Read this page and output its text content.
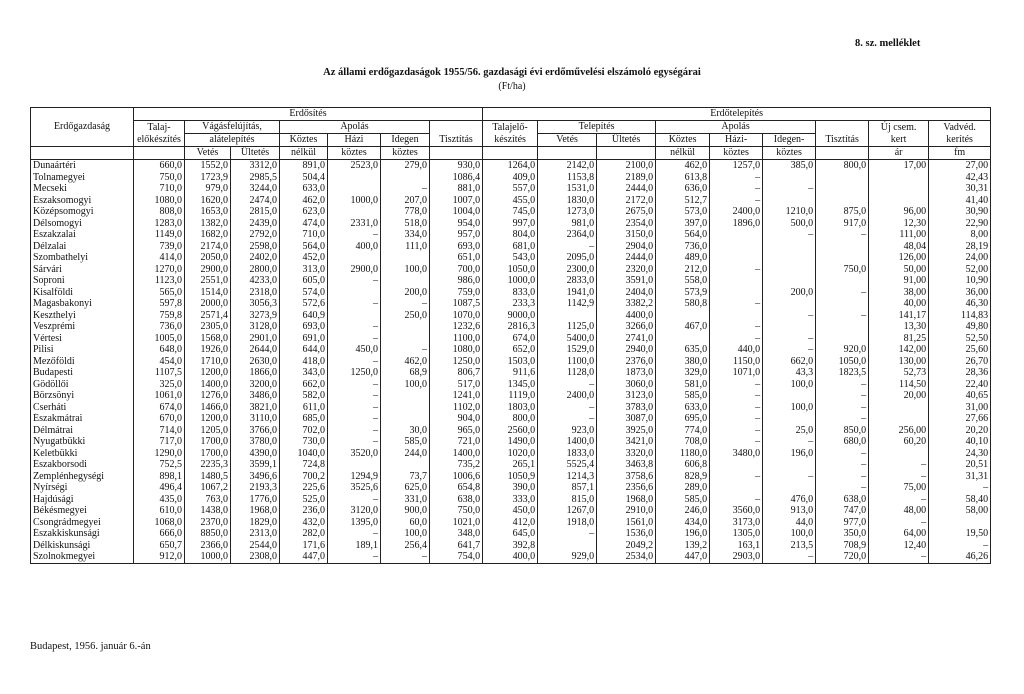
8. sz. melléklet
Az állami erdőgazdaságok 1955/56. gazdasági évi erdőművelési elszámoló egységárai
(Ft/ha)
Erdőgazdaság	Erdősítés							Erdőtelepítés								
	Talaj-	Vágásfelújítás,		Ápolás				Talajelő-	Telepítés		Ápolás				Új csem.	Vadvéd.
	előkészítés	alátelepítés		Köztes	Házi	Idegen	Tisztítás	készítés	Vetés	Ültetés	Köztes	Házi-	Idegen-	Tisztítás	kert	kerítés
		Vetés	Ültetés	nélkül	köztes	köztes					nélkül	köztes	köztes		ár	fm
Dunaártéri	660,0	1552,0	3312,0	891,0	2523,0	279,0	930,0	1264,0	2142,0	2100,0	462,0	1257,0	385,0	800,0	17,00	27,00
Tolnamegyei	750,0	1723,9	2985,5	504,4			1086,4	409,0	1153,8	2189,0	613,8	–				42,43
Mecseki	710,0	979,0	3244,0	633,0		–	881,0	557,0	1531,0	2444,0	636,0	–	–			30,31
Északsomogyi	1080,0	1620,0	2474,0	462,0	1000,0	207,0	1007,0	455,0	1830,0	2172,0	512,7	–				41,40
Középsomogyi	808,0	1653,0	2815,0	623,0		778,0	1004,0	745,0	1273,0	2675,0	573,0	2400,0	1210,0	875,0	96,00	30,90
Délsomogyi	1283,0	1382,0	2439,0	474,0	2331,0	518,0	954,0	997,0	981,0	2354,0	397,0	1896,0	500,0	917,0	12,30	22,90
Északzalai	1149,0	1682,0	2792,0	710,0	–	334,0	957,0	804,0	2364,0	3150,0	564,0		–	–	111,00	8,00
Délzalai	739,0	2174,0	2598,0	564,0	400,0	111,0	693,0	681,0	–	2904,0	736,0				48,04	28,19
Szombathelyi	414,0	2050,0	2402,0	452,0			651,0	543,0	2095,0	2444,0	489,0				126,00	24,00
Sárvári	1270,0	2900,0	2800,0	313,0	2900,0	100,0	700,0	1050,0	2300,0	2320,0	212,0	–		750,0	50,00	52,00
Soproni	1123,0	2551,0	4233,0	605,0	–		986,0	1000,0	2833,0	3591,0	558,0				91,00	10,90
Kisalföldi	565,0	1514,0	2318,0	574,0		200,0	759,0	833,0	1941,0	2404,0	573,9		200,0	–	38,00	36,00
Magasbakonyi	597,8	2000,0	3056,3	572,6	–	–	1087,5	233,3	1142,9	3382,2	580,8	–			40,00	46,30
Keszthelyi	759,8	2571,4	3273,9	640,9		250,0	1070,0	9000,0		4400,0			–	–	141,17	114,83
Veszprémi	736,0	2305,0	3128,0	693,0	–		1232,6	2816,3	1125,0	3266,0	467,0	–			13,30	49,80
Vértesi	1005,0	1568,0	2901,0	691,0	–		1100,0	674,0	5400,0	2741,0		–	–		81,25	52,50
Pilisi	648,0	1926,0	2644,0	644,0	450,0	–	1080,0	652,0	1529,0	2940,0	635,0	440,0	–	920,0	142,00	25,60
Mezőföldi	454,0	1710,0	2630,0	418,0	–	462,0	1250,0	1503,0	1100,0	2376,0	380,0	1150,0	662,0	1050,0	130,00	26,70
Budapesti	1107,5	1200,0	1866,0	343,0	1250,0	68,9	806,7	911,6	1128,0	1873,0	329,0	1071,0	43,3	1823,5	52,73	28,36
Gödöllői	325,0	1400,0	3200,0	662,0	–	100,0	517,0	1345,0	–	3060,0	581,0	–	100,0	–	114,50	22,40
Börzsönyi	1061,0	1276,0	3486,0	582,0	–		1241,0	1119,0	2400,0	3123,0	585,0	–		–	20,00	40,65
Cserháti	674,0	1466,0	3821,0	611,0	–		1102,0	1803,0	–	3783,0	633,0	–	100,0	–		31,00
Északmátrai	670,0	1200,0	3110,0	685,0	–		904,0	800,0	–	3087,0	695,0	–		–		27,66
Délmátrai	714,0	1205,0	3766,0	702,0	–	30,0	965,0	2560,0	923,0	3925,0	774,0	–	25,0	850,0	256,00	20,20
Nyugatbükki	717,0	1700,0	3780,0	730,0	–	585,0	721,0	1490,0	1400,0	3421,0	708,0	–	–	680,0	60,20	40,10
Keletbükki	1290,0	1700,0	4390,0	1040,0	3520,0	244,0	1400,0	1020,0	1833,0	3320,0	1180,0	3480,0	196,0	–		24,30
Északborsodi	752,5	2235,3	3599,1	724,8			735,2	265,1	5525,4	3463,8	606,8			–	–	20,51
Zemplénhegységi	898,1	1480,5	3496,6	700,2	1294,9	73,7	1006,6	1050,9	1214,3	3758,6	828,9	–	–	–	–	31,31
Nyírségi	496,4	1067,2	2193,3	225,6	3525,6	625,0	654,8	390,0	857,1	2356,6	289,0			–	75,00	–
Hajdúsági	435,0	763,0	1776,0	525,0	–	331,0	638,0	333,0	815,0	1968,0	585,0	–	476,0	638,0	–	58,40
Békésmegyei	610,0	1438,0	1968,0	236,0	3120,0	900,0	750,0	450,0	1267,0	2910,0	246,0	3560,0	913,0	747,0	48,00	58,00
Csongrádmegyei	1068,0	2370,0	1829,0	432,0	1395,0	60,0	1021,0	412,0	1918,0	1561,0	434,0	3173,0	44,0	977,0	–	
Északkiskunsági	666,0	8850,0	2313,0	282,0	–	100,0	348,0	645,0	–	1536,0	196,0	1305,0	100,0	350,0	64,00	19,50
Délkiskunsági	650,7	2366,0	2544,0	171,6	189,1	256,4	641,7	392,8		2049,2	139,2	163,1	213,5	708,9	12,40	–
Szolnokmegyei	912,0	1000,0	2308,0	447,0	–	–	754,0	400,0	929,0	2534,0	447,0	2903,0	–	720,0	–	46,26
Budapest, 1956. január 6.-án
